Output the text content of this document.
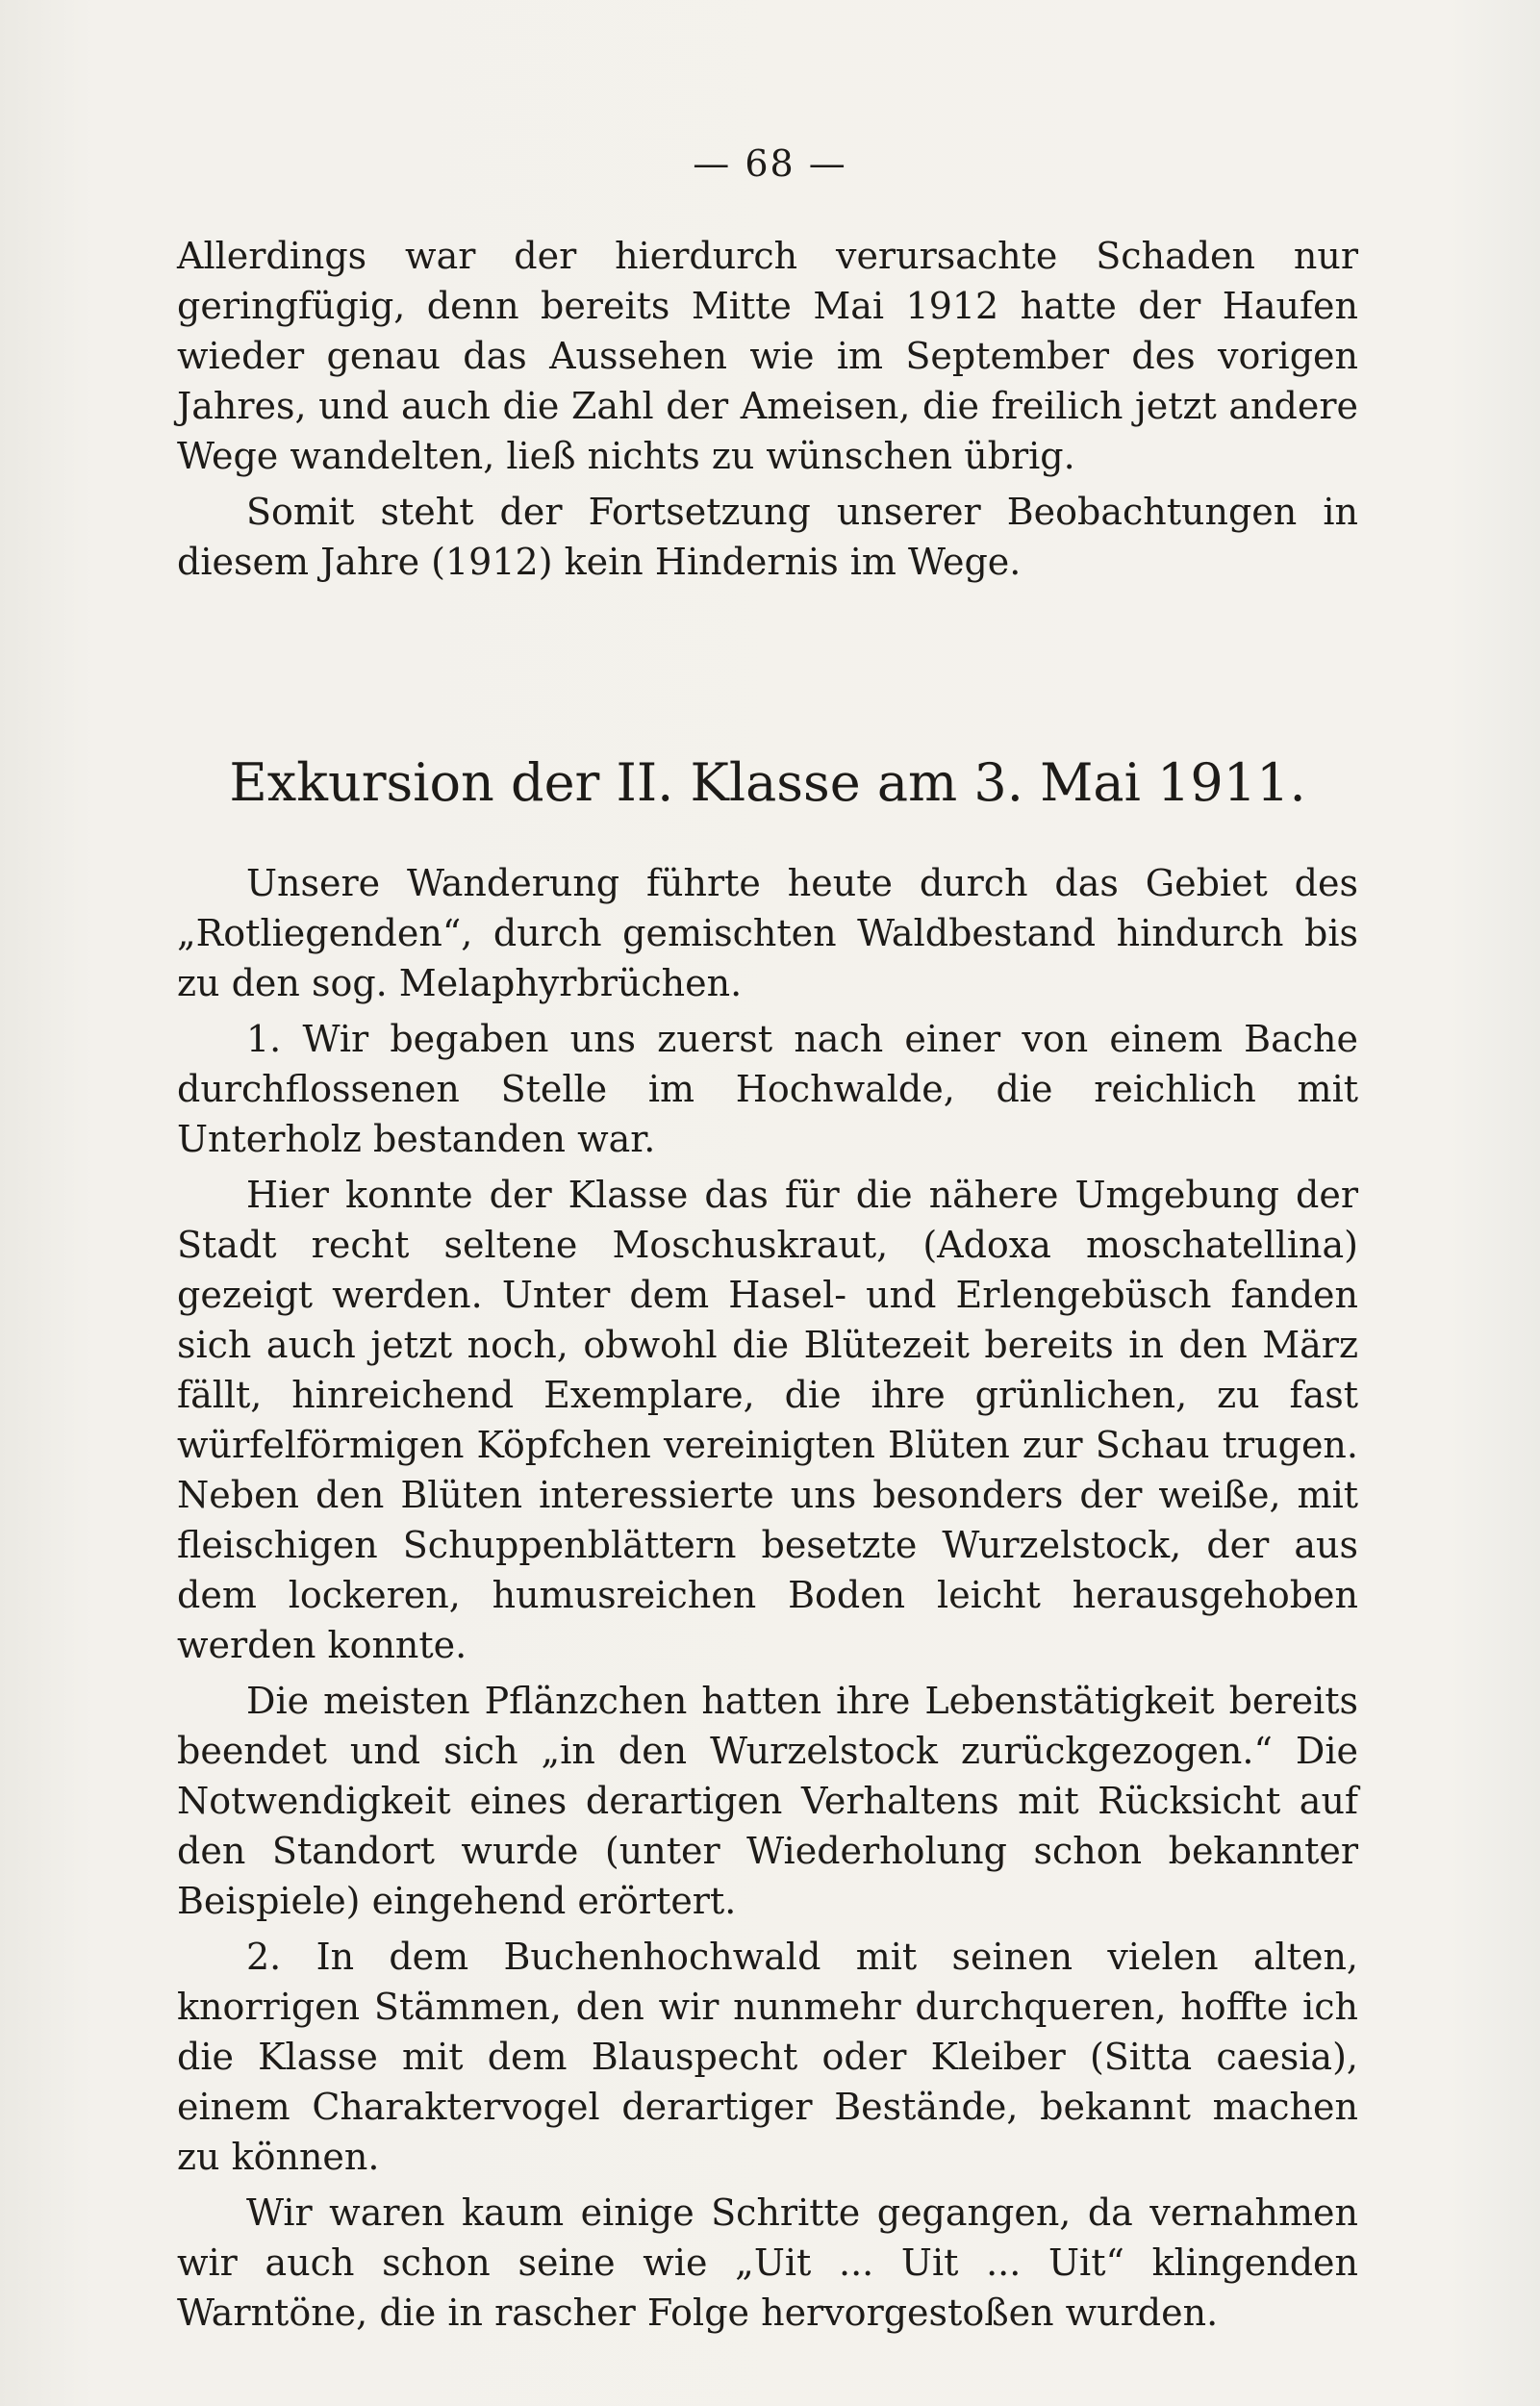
— 68 —

Allerdings war der hierdurch verursachte Schaden nur geringfügig, denn bereits Mitte Mai 1912 hatte der Haufen wieder genau das Aussehen wie im September des vorigen Jahres, und auch die Zahl der Ameisen, die freilich jetzt andere Wege wandelten, ließ nichts zu wünschen übrig.

Somit steht der Fortsetzung unserer Beobachtungen in diesem Jahre (1912) kein Hindernis im Wege.

Exkursion der II. Klasse am 3. Mai 1911.

Unsere Wanderung führte heute durch das Gebiet des „Rotliegenden“, durch gemischten Waldbestand hindurch bis zu den sog. Melaphyrbrüchen.

1. Wir begaben uns zuerst nach einer von einem Bache durchflossenen Stelle im Hochwalde, die reichlich mit Unterholz bestanden war.

Hier konnte der Klasse das für die nähere Umgebung der Stadt recht seltene Moschuskraut, (Adoxa moschatellina) gezeigt werden. Unter dem Hasel- und Erlengebüsch fanden sich auch jetzt noch, obwohl die Blütezeit bereits in den März fällt, hinreichend Exemplare, die ihre grünlichen, zu fast würfelförmigen Köpfchen vereinigten Blüten zur Schau trugen. Neben den Blüten interessierte uns besonders der weiße, mit fleischigen Schuppenblättern besetzte Wurzelstock, der aus dem lockeren, humusreichen Boden leicht herausgehoben werden konnte.

Die meisten Pflänzchen hatten ihre Lebenstätigkeit bereits beendet und sich „in den Wurzelstock zurückgezogen.“ Die Notwendigkeit eines derartigen Verhaltens mit Rücksicht auf den Standort wurde (unter Wiederholung schon bekannter Beispiele) eingehend erörtert.

2. In dem Buchenhochwald mit seinen vielen alten, knorrigen Stämmen, den wir nunmehr durchqueren, hoffte ich die Klasse mit dem Blauspecht oder Kleiber (Sitta caesia), einem Charaktervogel derartiger Bestände, bekannt machen zu können.

Wir waren kaum einige Schritte gegangen, da vernahmen wir auch schon seine wie „Uit ... Uit ... Uit“ klingenden Warntöne, die in rascher Folge hervorgestoßen wurden.
